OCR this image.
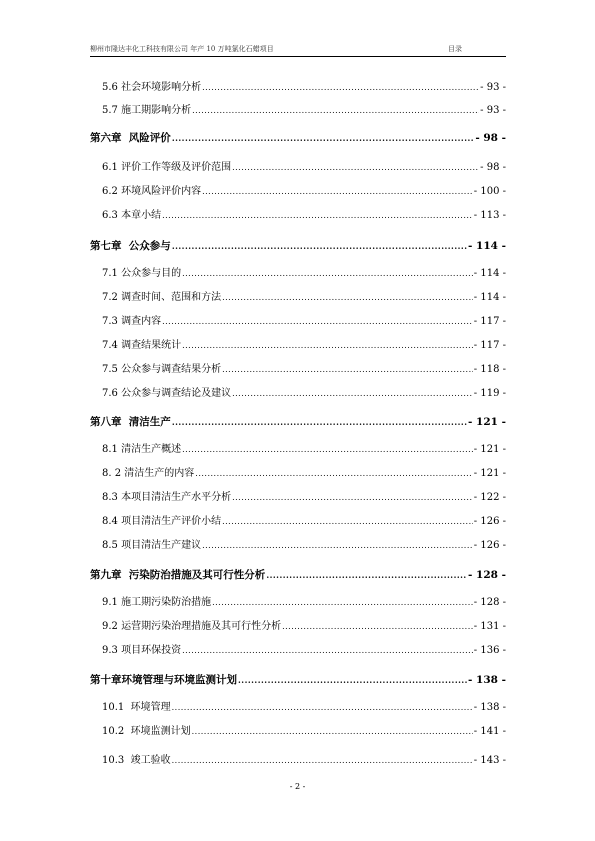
柳州市隆达丰化工科技有限公司 年产 10 万吨氯化石蜡项目	目录
5.6 社会环境影响分析 .....	- 93 -
5.7 施工期影响分析 .....	- 93 -
第六章 风险评价 .....	- 98 -
6.1 评价工作等级及评价范围 .....	- 98 -
6.2 环境风险评价内容 .....	- 100 -
6.3 本章小结 .....	- 113 -
第七章 公众参与 .....	- 114 -
7.1 公众参与目的 .....	- 114 -
7.2 调查时间、范围和方法 .....	- 114 -
7.3 调查内容 .....	- 117 -
7.4 调查结果统计 .....	- 117 -
7.5 公众参与调查结果分析 .....	- 118 -
7.6 公众参与调查结论及建议 .....	- 119 -
第八章 清洁生产 .....	- 121 -
8.1 清洁生产概述 .....	- 121 -
8. 2 清洁生产的内容 .....	- 121 -
8.3 本项目清洁生产水平分析 .....	- 122 -
8.4 项目清洁生产评价小结 .....	- 126 -
8.5 项目清洁生产建议 .....	- 126 -
第九章 污染防治措施及其可行性分析 .....	- 128 -
9.1 施工期污染防治措施 .....	- 128 -
9.2 运营期污染治理措施及其可行性分析 .....	- 131 -
9.3 项目环保投资 .....	- 136 -
第十章 环境管理与环境监测计划 .....	- 138 -
10.1 环境管理 .....	- 138 -
10.2 环境监测计划 .....	- 141 -
10.3 竣工验收 .....	- 143 -
- 2 -
